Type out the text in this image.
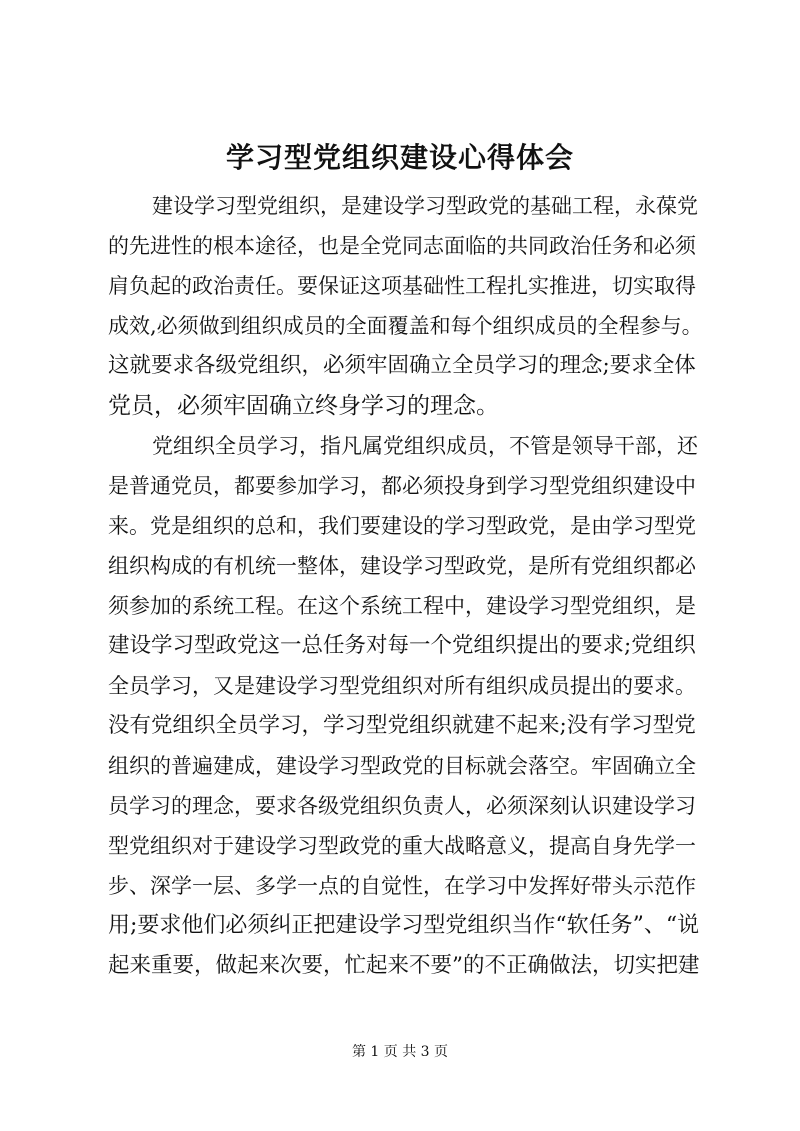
学习型党组织建设心得体会
建设学习型党组织，是建设学习型政党的基础工程，永葆党
的先进性的根本途径，也是全党同志面临的共同政治任务和必须
肩负起的政治责任。要保证这项基础性工程扎实推进，切实取得
成效,必须做到组织成员的全面覆盖和每个组织成员的全程参与。
这就要求各级党组织，必须牢固确立全员学习的理念;要求全体
党员，必须牢固确立终身学习的理念。
党组织全员学习，指凡属党组织成员，不管是领导干部，还
是普通党员，都要参加学习，都必须投身到学习型党组织建设中
来。党是组织的总和，我们要建设的学习型政党，是由学习型党
组织构成的有机统一整体，建设学习型政党，是所有党组织都必
须参加的系统工程。在这个系统工程中，建设学习型党组织，是
建设学习型政党这一总任务对每一个党组织提出的要求;党组织
全员学习，又是建设学习型党组织对所有组织成员提出的要求。
没有党组织全员学习，学习型党组织就建不起来;没有学习型党
组织的普遍建成，建设学习型政党的目标就会落空。牢固确立全
员学习的理念，要求各级党组织负责人，必须深刻认识建设学习
型党组织对于建设学习型政党的重大战略意义，提高自身先学一
步、深学一层、多学一点的自觉性，在学习中发挥好带头示范作
用;要求他们必须纠正把建设学习型党组织当作“软任务”、“说
起来重要，做起来次要，忙起来不要”的不正确做法，切实把建
第 1 页 共 3 页
